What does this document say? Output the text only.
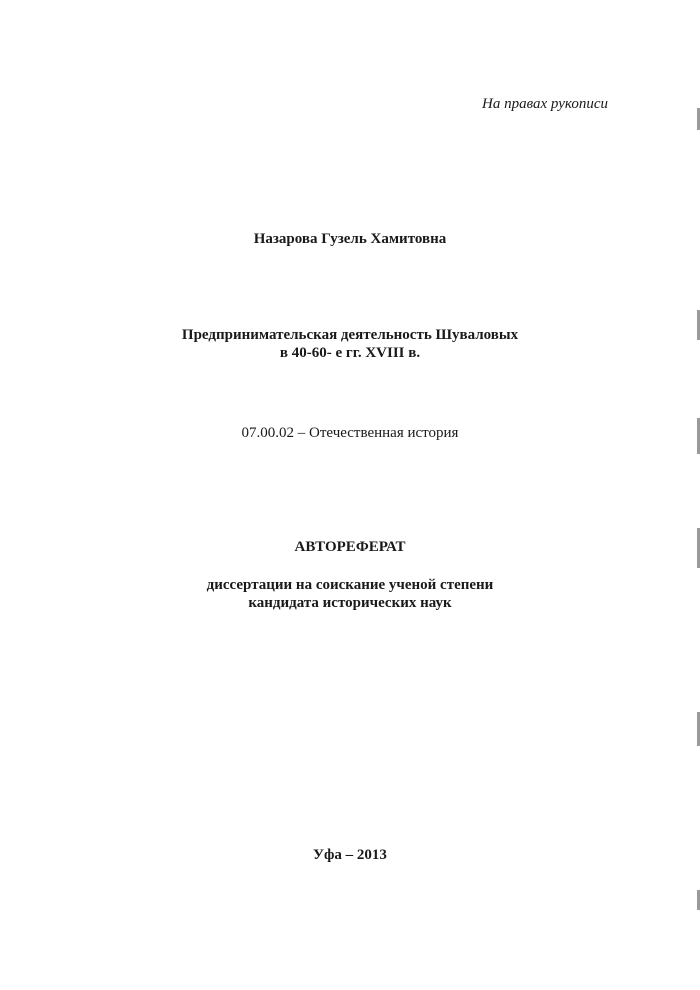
На правах рукописи
Назарова Гузель Хамитовна
Предпринимательская деятельность Шуваловых
в 40-60- е гг. XVIII в.
07.00.02 – Отечественная история
АВТОРЕФЕРАТ
диссертации на соискание ученой степени
кандидата исторических наук
Уфа – 2013
